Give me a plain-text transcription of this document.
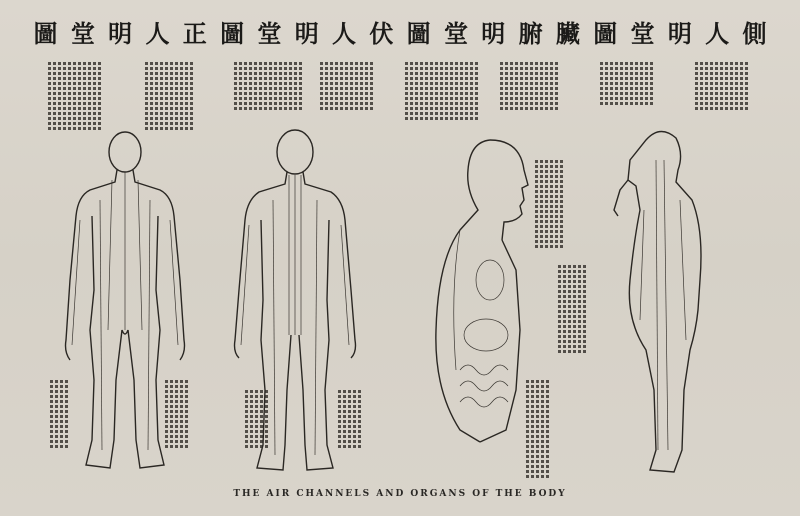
圖 堂 明 人 正 圖 堂 明 人 伏 圖 堂 明 腑 臟 圖 堂 明 人 側
THE AIR CHANNELS AND ORGANS OF THE BODY
